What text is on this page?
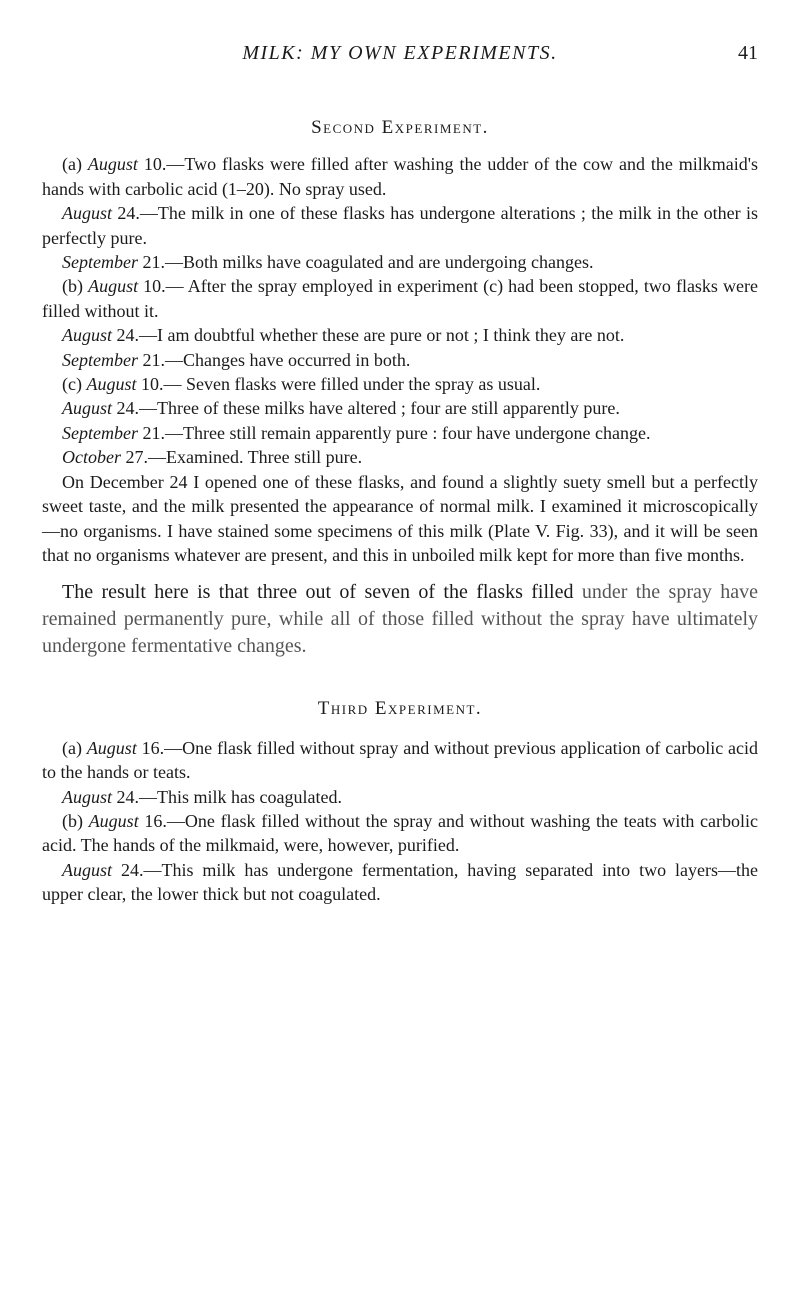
MILK: MY OWN EXPERIMENTS.	41
Second Experiment.

(a) August 10.—Two flasks were filled after washing the udder of the cow and the milkmaid's hands with carbolic acid (1–20). No spray used.

August 24.—The milk in one of these flasks has undergone alterations ; the milk in the other is perfectly pure.

September 21.—Both milks have coagulated and are undergoing changes.

(b) August 10.— After the spray employed in experiment (c) had been stopped, two flasks were filled without it.

August 24.—I am doubtful whether these are pure or not ; I think they are not.

September 21.—Changes have occurred in both.

(c) August 10.— Seven flasks were filled under the spray as usual.

August 24.—Three of these milks have altered ; four are still apparently pure.

September 21.—Three still remain apparently pure : four have undergone change.

October 27.—Examined. Three still pure.

On December 24 I opened one of these flasks, and found a slightly suety smell but a perfectly sweet taste, and the milk presented the appearance of normal milk. I examined it microscopically—no organisms. I have stained some specimens of this milk (Plate V. Fig. 33), and it will be seen that no organisms whatever are present, and this in unboiled milk kept for more than five months.

The result here is that three out of seven of the flasks filled under the spray have remained permanently pure, while all of those filled without the spray have ultimately undergone fermentative changes.

Third Experiment.

(a) August 16.—One flask filled without spray and without previous application of carbolic acid to the hands or teats.

August 24.—This milk has coagulated.

(b) August 16.—One flask filled without the spray and without washing the teats with carbolic acid. The hands of the milkmaid, were, however, purified.

August 24.—This milk has undergone fermentation, having separated into two layers—the upper clear, the lower thick but not coagulated.
